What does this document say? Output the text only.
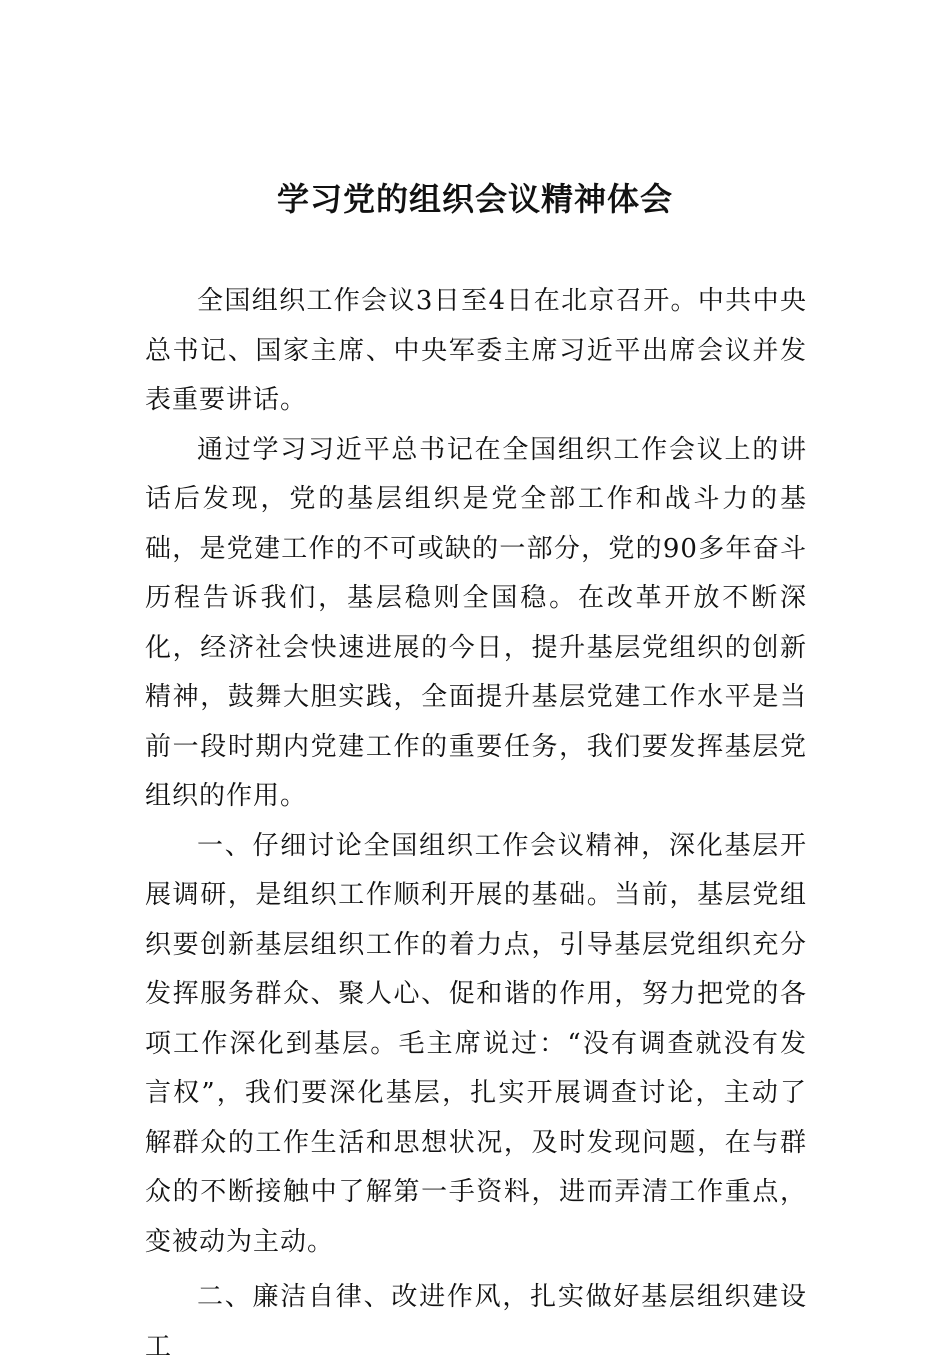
学习党的组织会议精神体会

全国组织工作会议3日至4日在北京召开。中共中央总书记、国家主席、中央军委主席习近平出席会议并发表重要讲话。

通过学习习近平总书记在全国组织工作会议上的讲话后发现，党的基层组织是党全部工作和战斗力的基础，是党建工作的不可或缺的一部分，党的90多年奋斗历程告诉我们，基层稳则全国稳。在改革开放不断深化，经济社会快速进展的今日，提升基层党组织的创新精神，鼓舞大胆实践，全面提升基层党建工作水平是当前一段时期内党建工作的重要任务，我们要发挥基层党组织的作用。

一、仔细讨论全国组织工作会议精神，深化基层开展调研，是组织工作顺利开展的基础。当前，基层党组织要创新基层组织工作的着力点，引导基层党组织充分发挥服务群众、聚人心、促和谐的作用，努力把党的各项工作深化到基层。毛主席说过：“没有调查就没有发言权”，我们要深化基层，扎实开展调查讨论，主动了解群众的工作生活和思想状况，及时发现问题，在与群众的不断接触中了解第一手资料，进而弄清工作重点，变被动为主动。

二、廉洁自律、改进作风，扎实做好基层组织建设工
